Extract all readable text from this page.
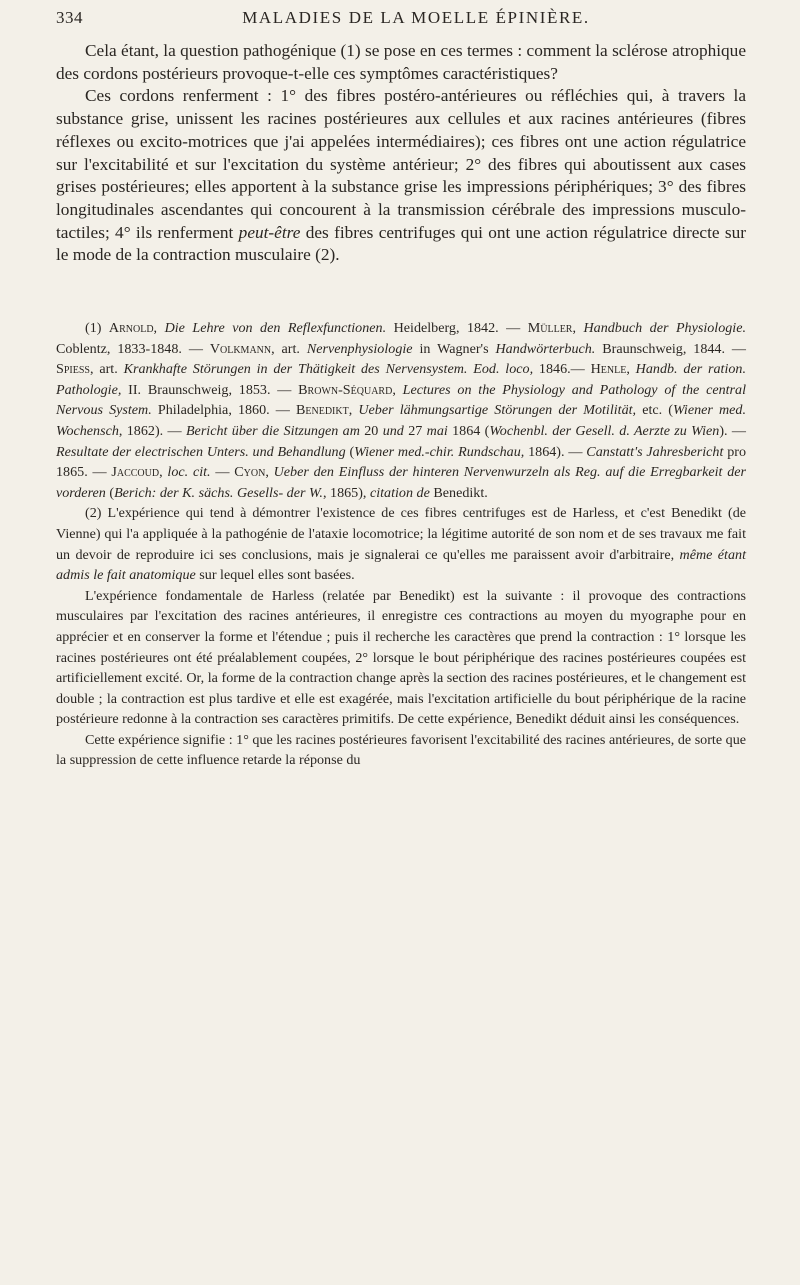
334	MALADIES DE LA MOELLE ÉPINIÈRE.

Cela étant, la question pathogénique (1) se pose en ces termes : comment la sclérose atrophique des cordons postérieurs provoque-t-elle ces symptômes caractéristiques?

Ces cordons renferment : 1° des fibres postéro-antérieures ou réfléchies qui, à travers la substance grise, unissent les racines postérieures aux cellules et aux racines antérieures (fibres réflexes ou excito-motrices que j'ai appelées intermédiaires); ces fibres ont une action régulatrice sur l'excitabilité et sur l'excitation du système antérieur; 2° des fibres qui aboutissent aux cases grises postérieures; elles apportent à la substance grise les impressions périphériques; 3° des fibres longitudinales ascendantes qui concourent à la transmission cérébrale des impressions musculo-tactiles; 4° ils renferment peut-être des fibres centrifuges qui ont une action régulatrice directe sur le mode de la contraction musculaire (2).

(1) Arnold, Die Lehre von den Reflexfunctionen. Heidelberg, 1842. — Müller, Handbuch der Physiologie. Coblentz, 1833-1848. — Volkmann, art. Nervenphysiologie in Wagner's Handwörterbuch. Braunschweig, 1844. — Spiess, art. Krankhafte Störungen in der Thätigkeit des Nervensystem. Eod. loco, 1846.— Henle, Handb. der ration. Pathologie, II. Braunschweig, 1853. — Brown-Séquard, Lectures on the Physiology and Pathology of the central Nervous System. Philadelphia, 1860. — Benedikt, Ueber lähmungsartige Störungen der Motilität, etc. (Wiener med. Wochensch, 1862). — Bericht über die Sitzungen am 20 und 27 mai 1864 (Wochenbl. der Gesell. d. Aerzte zu Wien). — Resultate der electrischen Unters. und Behandlung (Wiener med.-chir. Rundschau, 1864). — Canstatt's Jahresbericht pro 1865. — Jaccoud, loc. cit. — Cyon, Ueber den Einfluss der hinteren Nervenwurzeln als Reg. auf die Erregbarkeit der vorderen (Berich: der K. sächs. Gesells- der W., 1865), citation de Benedikt.

(2) L'expérience qui tend à démontrer l'existence de ces fibres centrifuges est de Harless, et c'est Benedikt (de Vienne) qui l'a appliquée à la pathogénie de l'ataxie locomotrice; la légitime autorité de son nom et de ses travaux me fait un devoir de reproduire ici ses conclusions, mais je signalerai ce qu'elles me paraissent avoir d'arbitraire, même étant admis le fait anatomique sur lequel elles sont basées.

L'expérience fondamentale de Harless (relatée par Benedikt) est la suivante : il provoque des contractions musculaires par l'excitation des racines antérieures, il enregistre ces contractions au moyen du myographe pour en apprécier et en conserver la forme et l'étendue ; puis il recherche les caractères que prend la contraction : 1° lorsque les racines postérieures ont été préalablement coupées, 2° lorsque le bout périphérique des racines postérieures coupées est artificiellement excité. Or, la forme de la contraction change après la section des racines postérieures, et le changement est double ; la contraction est plus tardive et elle est exagérée, mais l'excitation artificielle du bout périphérique de la racine postérieure redonne à la contraction ses caractères primitifs. De cette expérience, Benedikt déduit ainsi les conséquences.

Cette expérience signifie : 1° que les racines postérieures favorisent l'excitabilité des racines antérieures, de sorte que la suppression de cette influence retarde la réponse du
